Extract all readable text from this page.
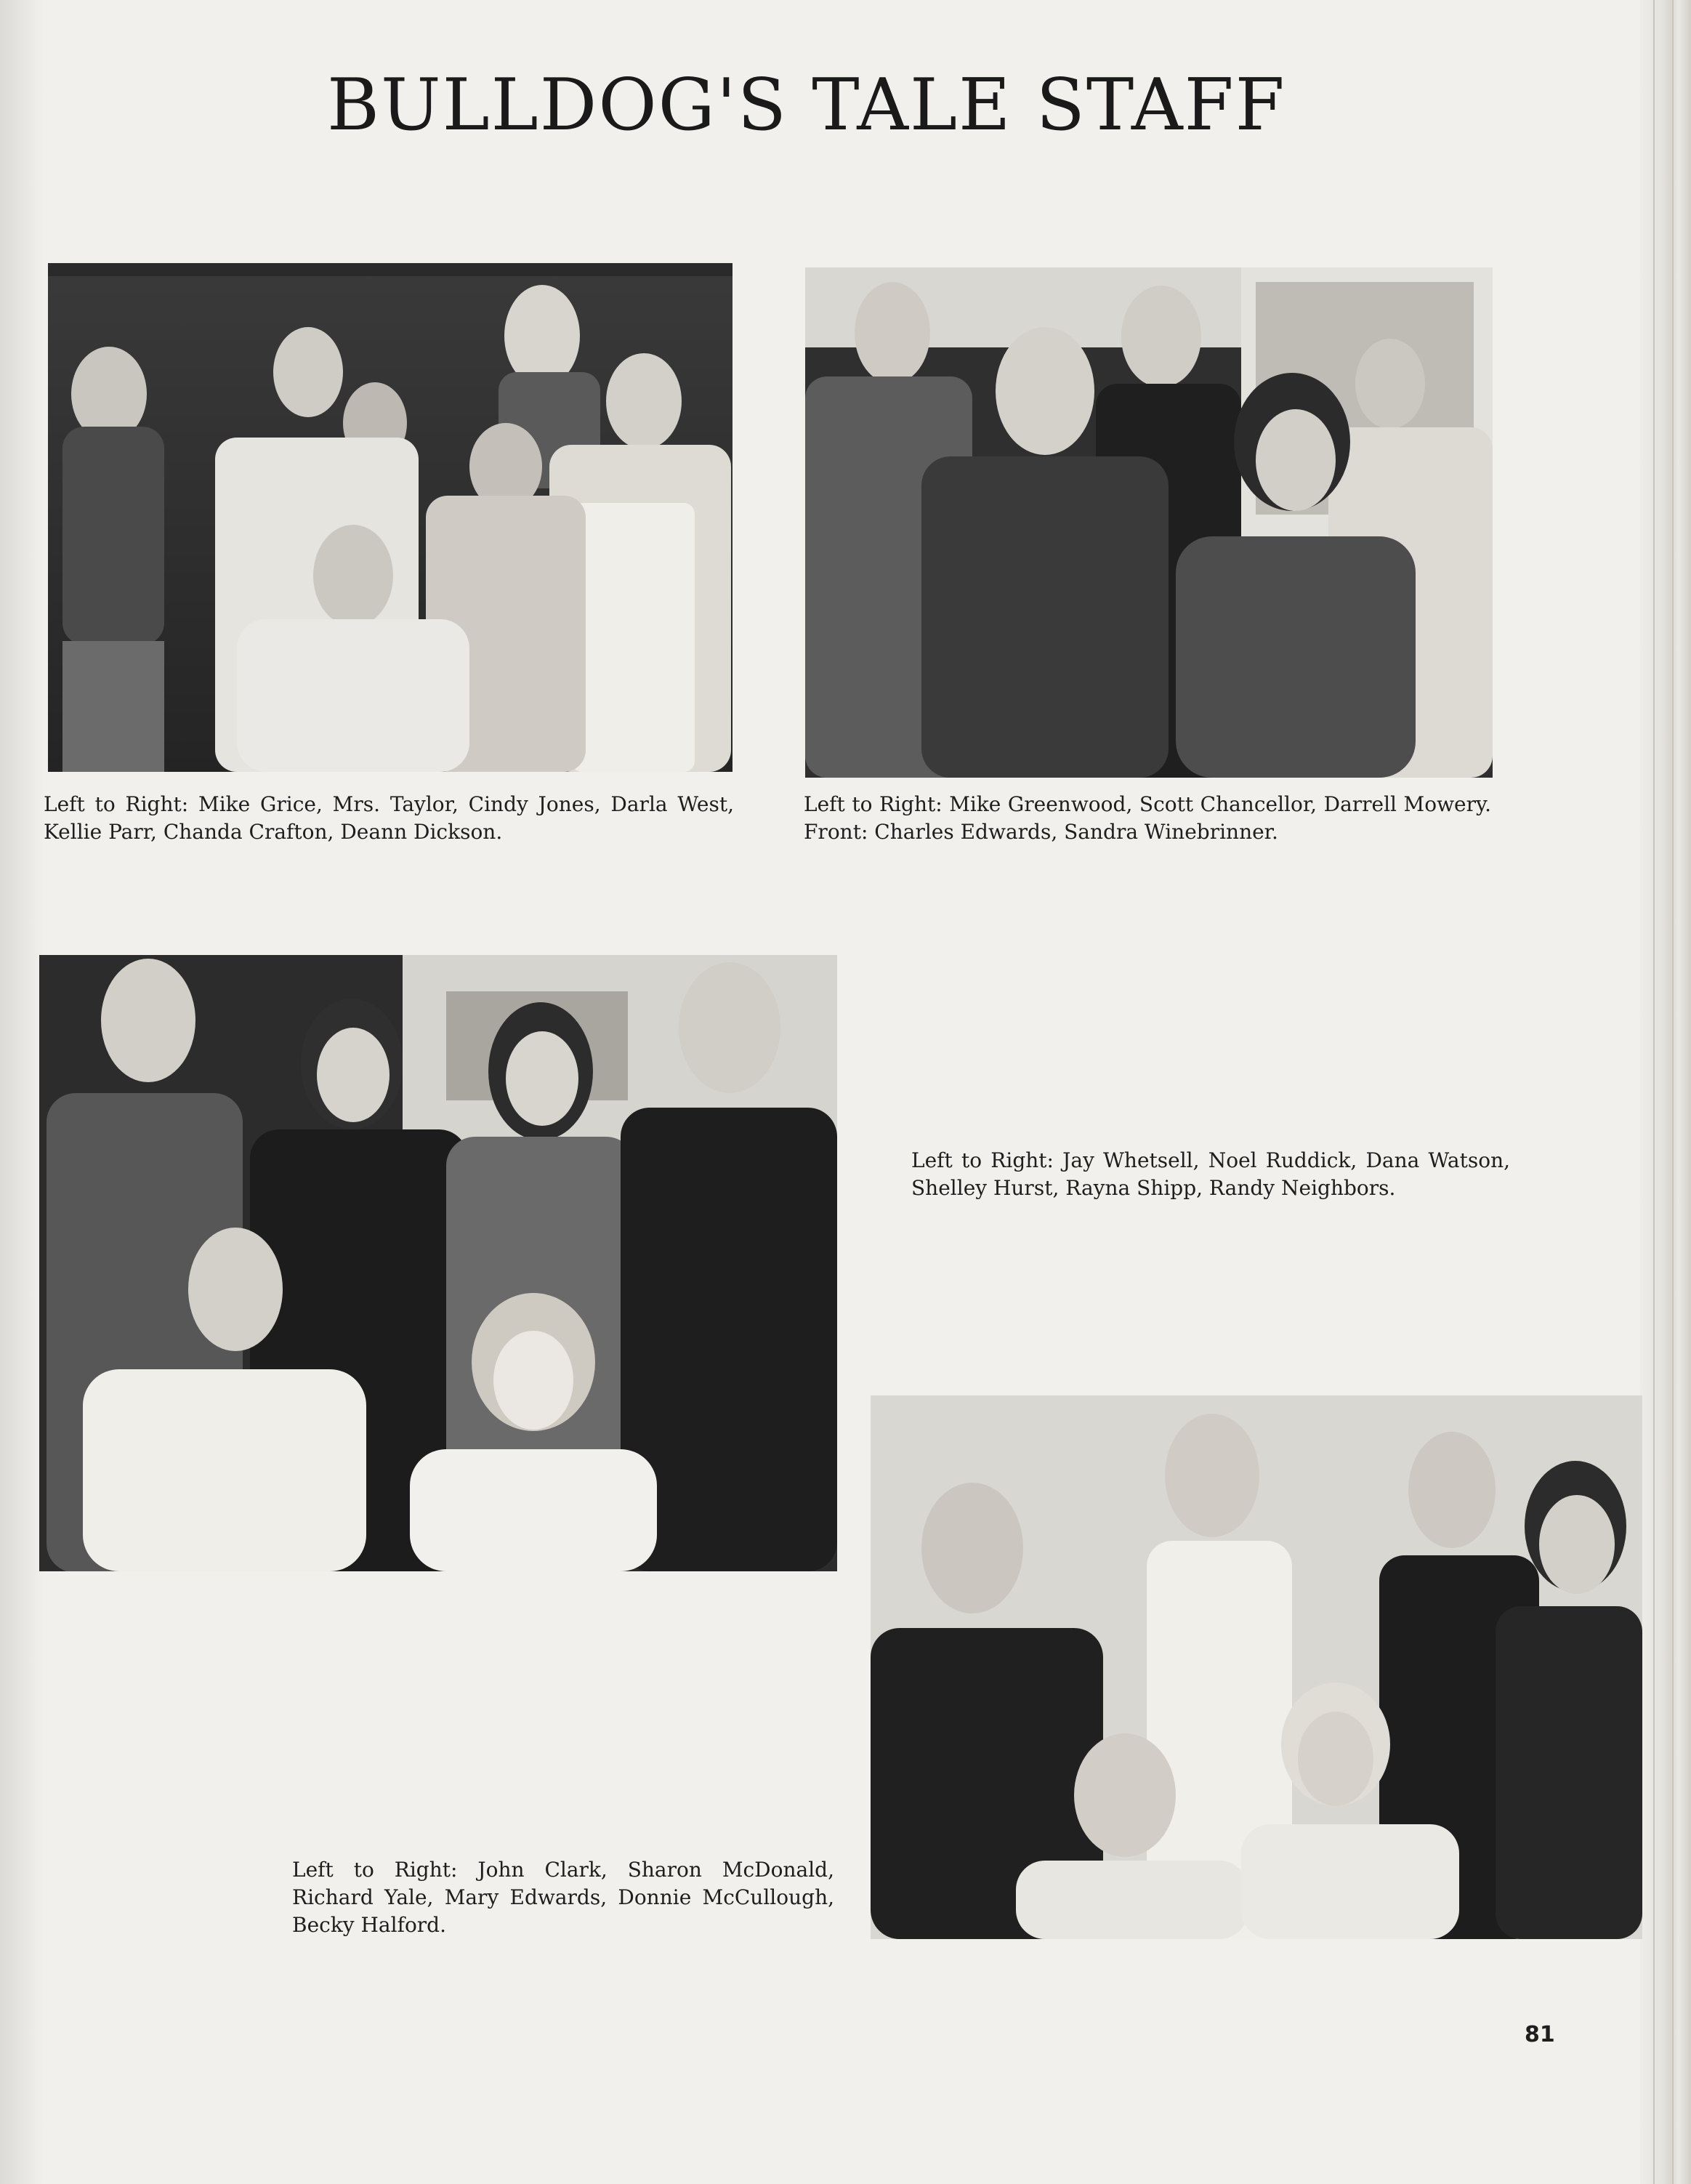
BULLDOG'S TALE STAFF

Left to Right: Mike Grice, Mrs. Taylor, Cindy Jones, Darla West, Kellie Parr, Chanda Crafton, Deann Dickson.

Left to Right: Mike Greenwood, Scott Chancellor, Darrell Mowery. Front: Charles Edwards, Sandra Winebrinner.

Left to Right: Jay Whetsell, Noel Ruddick, Dana Watson, Shelley Hurst, Rayna Shipp, Randy Neighbors.

Left to Right: John Clark, Sharon McDonald, Richard Yale, Mary Edwards, Donnie McCullough, Becky Halford.

81
